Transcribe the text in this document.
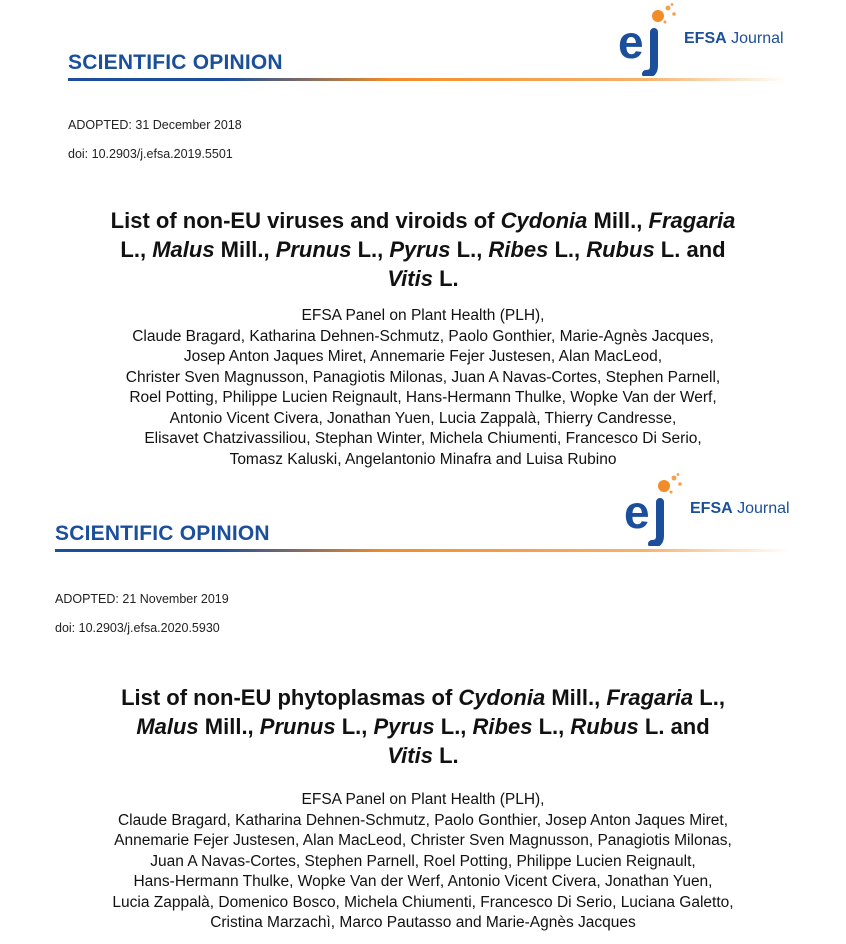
e	EFSA Journal
SCIENTIFIC OPINION
ADOPTED: 31 December 2018
doi: 10.2903/j.efsa.2019.5501
List of non-EU viruses and viroids of Cydonia Mill., Fragaria
L., Malus Mill., Prunus L., Pyrus L., Ribes L., Rubus L. and
Vitis L.
EFSA Panel on Plant Health (PLH),
Claude Bragard, Katharina Dehnen-Schmutz, Paolo Gonthier, Marie-Agnès Jacques,
Josep Anton Jaques Miret, Annemarie Fejer Justesen, Alan MacLeod,
Christer Sven Magnusson, Panagiotis Milonas, Juan A Navas-Cortes, Stephen Parnell,
Roel Potting, Philippe Lucien Reignault, Hans-Hermann Thulke, Wopke Van der Werf,
Antonio Vicent Civera, Jonathan Yuen, Lucia Zappalà, Thierry Candresse,
Elisavet Chatzivassiliou, Stephan Winter, Michela Chiumenti, Francesco Di Serio,
Tomasz Kaluski, Angelantonio Minafra and Luisa Rubino
e	EFSA Journal
SCIENTIFIC OPINION
ADOPTED: 21 November 2019
doi: 10.2903/j.efsa.2020.5930
List of non-EU phytoplasmas of Cydonia Mill., Fragaria L.,
Malus Mill., Prunus L., Pyrus L., Ribes L., Rubus L. and
Vitis L.
EFSA Panel on Plant Health (PLH),
Claude Bragard, Katharina Dehnen-Schmutz, Paolo Gonthier, Josep Anton Jaques Miret,
Annemarie Fejer Justesen, Alan MacLeod, Christer Sven Magnusson, Panagiotis Milonas,
Juan A Navas-Cortes, Stephen Parnell, Roel Potting, Philippe Lucien Reignault,
Hans-Hermann Thulke, Wopke Van der Werf, Antonio Vicent Civera, Jonathan Yuen,
Lucia Zappalà, Domenico Bosco, Michela Chiumenti, Francesco Di Serio, Luciana Galetto,
Cristina Marzachì, Marco Pautasso and Marie-Agnès Jacques
